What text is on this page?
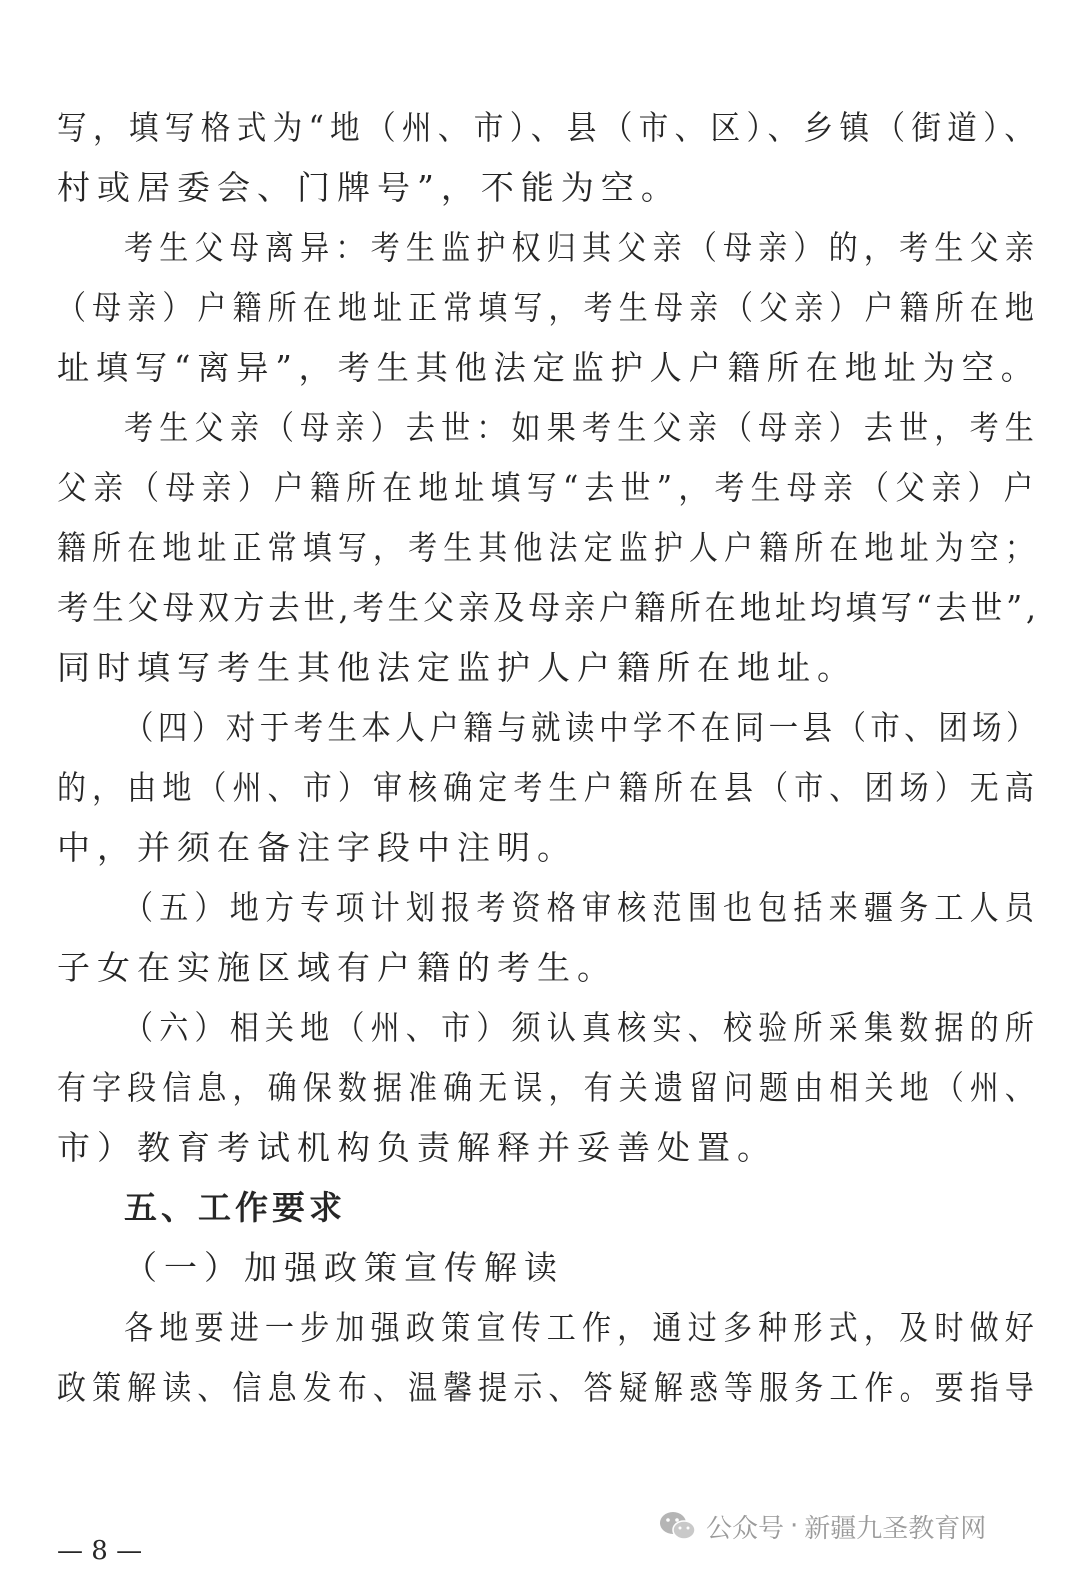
写，填写格式为“地（州、市）、县（市、区）、乡镇（街道）、
村或居委会、门牌号”，不能为空。
考生父母离异：考生监护权归其父亲（母亲）的，考生父亲
（母亲）户籍所在地址正常填写，考生母亲（父亲）户籍所在地
址填写“离异”，考生其他法定监护人户籍所在地址为空。
考生父亲（母亲）去世：如果考生父亲（母亲）去世，考生
父亲（母亲）户籍所在地址填写“去世”，考生母亲（父亲）户
籍所在地址正常填写，考生其他法定监护人户籍所在地址为空；
考生父母双方去世,考生父亲及母亲户籍所在地址均填写“去世”,
同时填写考生其他法定监护人户籍所在地址。
（四）对于考生本人户籍与就读中学不在同一县（市、团场）
的，由地（州、市）审核确定考生户籍所在县（市、团场）无高
中，并须在备注字段中注明。
（五）地方专项计划报考资格审核范围也包括来疆务工人员
子女在实施区域有户籍的考生。
（六）相关地（州、市）须认真核实、校验所采集数据的所
有字段信息，确保数据准确无误，有关遗留问题由相关地（州、
市）教育考试机构负责解释并妥善处置。
五、工作要求
（一）加强政策宣传解读
各地要进一步加强政策宣传工作，通过多种形式，及时做好
政策解读、信息发布、温馨提示、答疑解惑等服务工作。要指导
公众号 · 新疆九圣教育网
— 8 —
